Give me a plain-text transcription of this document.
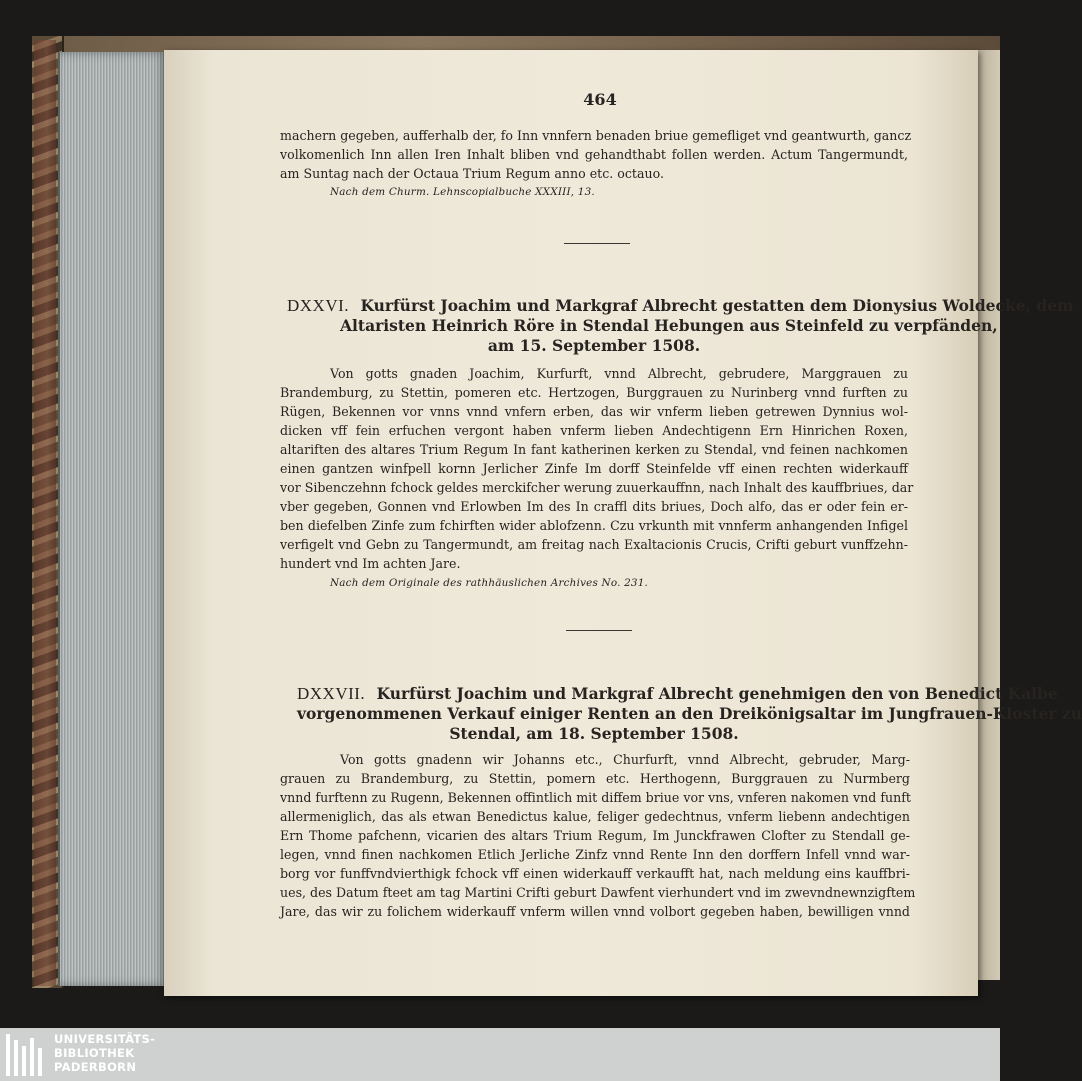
464
machern gegeben, aufferhalb der, fo Inn vnnfern benaden briue gemefliget vnd geantwurth, gancz
volkomenlich Inn allen Iren Inhalt bliben vnd gehandthabt follen werden. Actum Tangermundt,
am Suntag nach der Octaua Trium Regum anno etc. octauo.
Nach dem Churm. Lehnscopialbuche XXXIII, 13.
DXXVI. Kurfürst Joachim und Markgraf Albrecht gestatten dem Dionysius Woldecke, dem
Altaristen Heinrich Röre in Stendal Hebungen aus Steinfeld zu verpfänden,
am 15. September 1508.
Von gotts gnaden Joachim, Kurfurft, vnnd Albrecht, gebrudere, Marggrauen zu
Brandemburg, zu Stettin, pomeren etc. Hertzogen, Burggrauen zu Nurinberg vnnd furften zu
Rügen, Bekennen vor vnns vnnd vnfern erben, das wir vnferm lieben getrewen Dynnius wol-
dicken vff fein erfuchen vergont haben vnferm lieben Andechtigenn Ern Hinrichen Roxen,
altariften des altares Trium Regum In fant katherinen kerken zu Stendal, vnd feinen nachkomen
einen gantzen winfpell kornn Jerlicher Zinfe Im dorff Steinfelde vff einen rechten widerkauff
vor Sibenczehnn fchock geldes merckifcher werung zuuerkauffnn, nach Inhalt des kauffbriues, dar
vber gegeben, Gonnen vnd Erlowben Im des In craffl dits briues, Doch alfo, das er oder fein er-
ben diefelben Zinfe zum fchirften wider ablofzenn. Czu vrkunth mit vnnferm anhangenden Infigel
verfigelt vnd Gebn zu Tangermundt, am freitag nach Exaltacionis Crucis, Crifti geburt vunffzehn-
hundert vnd Im achten Jare.
Nach dem Originale des rathhäuslichen Archives No. 231.
DXXVII. Kurfürst Joachim und Markgraf Albrecht genehmigen den von Benedict Kalbe
vorgenommenen Verkauf einiger Renten an den Dreikönigsaltar im Jungfrauen-Kloster zu
Stendal, am 18. September 1508.
Von gotts gnadenn wir Johanns etc., Churfurft, vnnd Albrecht, gebruder, Marg-
grauen zu Brandemburg, zu Stettin, pomern etc. Herthogenn, Burggrauen zu Nurmberg
vnnd furftenn zu Rugenn, Bekennen offintlich mit diffem briue vor vns, vnferen nakomen vnd funft
allermeniglich, das als etwan Benedictus kalue, feliger gedechtnus, vnferm liebenn andechtigen
Ern Thome pafchenn, vicarien des altars Trium Regum, Im Junckfrawen Clofter zu Stendall ge-
legen, vnnd finen nachkomen Etlich Jerliche Zinfz vnnd Rente Inn den dorffern Infell vnnd war-
borg vor funffvndvierthigk fchock vff einen widerkauff verkaufft hat, nach meldung eins kauffbri-
ues, des Datum fteet am tag Martini Crifti geburt Dawfent vierhundert vnd im zwevndnewnzigftem
Jare, das wir zu folichem widerkauff vnferm willen vnnd volbort gegeben haben, bewilligen vnnd
UNIVERSITÄTS-
BIBLIOTHEK
PADERBORN
